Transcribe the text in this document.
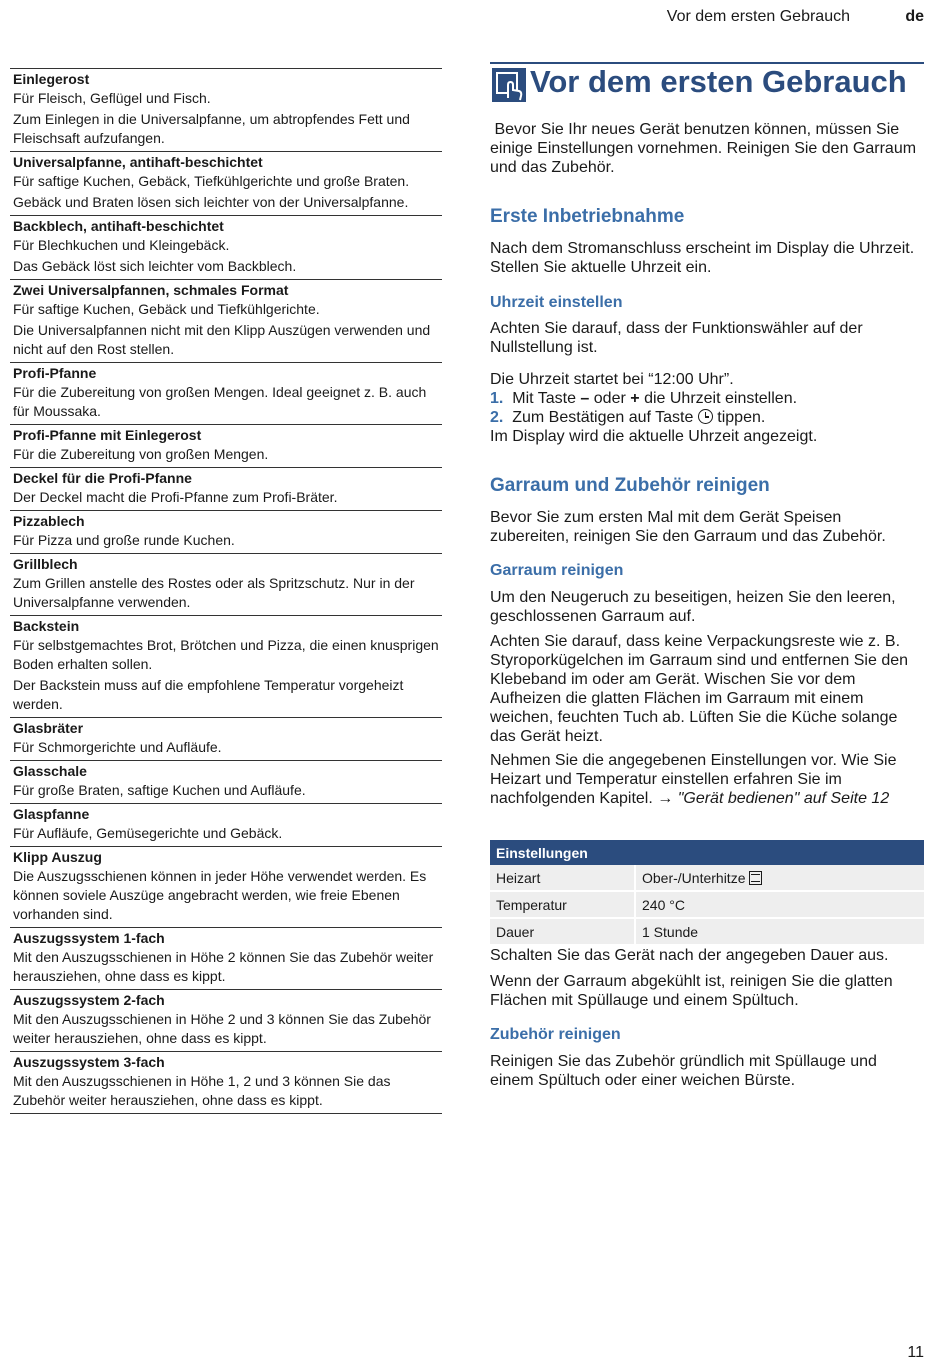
Vor dem ersten Gebrauch	de
Einlegerost
Für Fleisch, Geflügel und Fisch.
Zum Einlegen in die Universalpfanne, um abtropfendes Fett und Fleischsaft aufzufangen.
Universalpfanne, antihaft-beschichtet
Für saftige Kuchen, Gebäck, Tiefkühlgerichte und große Braten.
Gebäck und Braten lösen sich leichter von der Universalpfanne.
Backblech, antihaft-beschichtet
Für Blechkuchen und Kleingebäck.
Das Gebäck löst sich leichter vom Backblech.
Zwei Universalpfannen, schmales Format
Für saftige Kuchen, Gebäck und Tiefkühlgerichte.
Die Universalpfannen nicht mit den Klipp Auszügen verwenden und nicht auf den Rost stellen.
Profi-Pfanne
Für die Zubereitung von großen Mengen. Ideal geeignet z. B. auch für Moussaka.
Profi-Pfanne mit Einlegerost
Für die Zubereitung von großen Mengen.
Deckel für die Profi-Pfanne
Der Deckel macht die Profi-Pfanne zum Profi-Bräter.
Pizzablech
Für Pizza und große runde Kuchen.
Grillblech
Zum Grillen anstelle des Rostes oder als Spritzschutz. Nur in der Universalpfanne verwenden.
Backstein
Für selbstgemachtes Brot, Brötchen und Pizza, die einen knusprigen Boden erhalten sollen.
Der Backstein muss auf die empfohlene Temperatur vorgeheizt werden.
Glasbräter
Für Schmorgerichte und Aufläufe.
Glasschale
Für große Braten, saftige Kuchen und Aufläufe.
Glaspfanne
Für Aufläufe, Gemüsegerichte und Gebäck.
Klipp Auszug
Die Auszugsschienen können in jeder Höhe verwendet werden. Es können soviele Auszüge angebracht werden, wie freie Ebenen vorhanden sind.
Auszugssystem 1-fach
Mit den Auszugsschienen in Höhe 2 können Sie das Zubehör weiter herausziehen, ohne dass es kippt.
Auszugssystem 2-fach
Mit den Auszugsschienen in Höhe 2 und 3 können Sie das Zubehör weiter herausziehen, ohne dass es kippt.
Auszugssystem 3-fach
Mit den Auszugsschienen in Höhe 1, 2 und 3 können Sie das Zubehör weiter herausziehen, ohne dass es kippt.
Vor dem ersten Gebrauch
Bevor Sie Ihr neues Gerät benutzen können, müssen Sie einige Einstellungen vornehmen. Reinigen Sie den Garraum und das Zubehör.
Erste Inbetriebnahme
Nach dem Stromanschluss erscheint im Display die Uhrzeit. Stellen Sie aktuelle Uhrzeit ein.
Uhrzeit einstellen
Achten Sie darauf, dass der Funktionswähler auf der Nullstellung ist.
Die Uhrzeit startet bei “12:00 Uhr”.
1. Mit Taste – oder + die Uhrzeit einstellen.
2. Zum Bestätigen auf Taste tippen.
Im Display wird die aktuelle Uhrzeit angezeigt.
Garraum und Zubehör reinigen
Bevor Sie zum ersten Mal mit dem Gerät Speisen zubereiten, reinigen Sie den Garraum und das Zubehör.
Garraum reinigen
Um den Neugeruch zu beseitigen, heizen Sie den leeren, geschlossenen Garraum auf.
Achten Sie darauf, dass keine Verpackungsreste wie z. B. Styroporkügelchen im Garraum sind und entfernen Sie den Klebeband im oder am Gerät. Wischen Sie vor dem Aufheizen die glatten Flächen im Garraum mit einem weichen, feuchten Tuch ab. Lüften Sie die Küche solange das Gerät heizt.
Nehmen Sie die angegebenen Einstellungen vor. Wie Sie Heizart und Temperatur einstellen erfahren Sie im nachfolgenden Kapitel. → "Gerät bedienen" auf Seite 12
Einstellungen	
Heizart	Ober-/Unterhitze
Temperatur	240 °C
Dauer	1 Stunde
Schalten Sie das Gerät nach der angegeben Dauer aus.
Wenn der Garraum abgekühlt ist, reinigen Sie die glatten Flächen mit Spüllauge und einem Spültuch.
Zubehör reinigen
Reinigen Sie das Zubehör gründlich mit Spüllauge und einem Spültuch oder einer weichen Bürste.
11
